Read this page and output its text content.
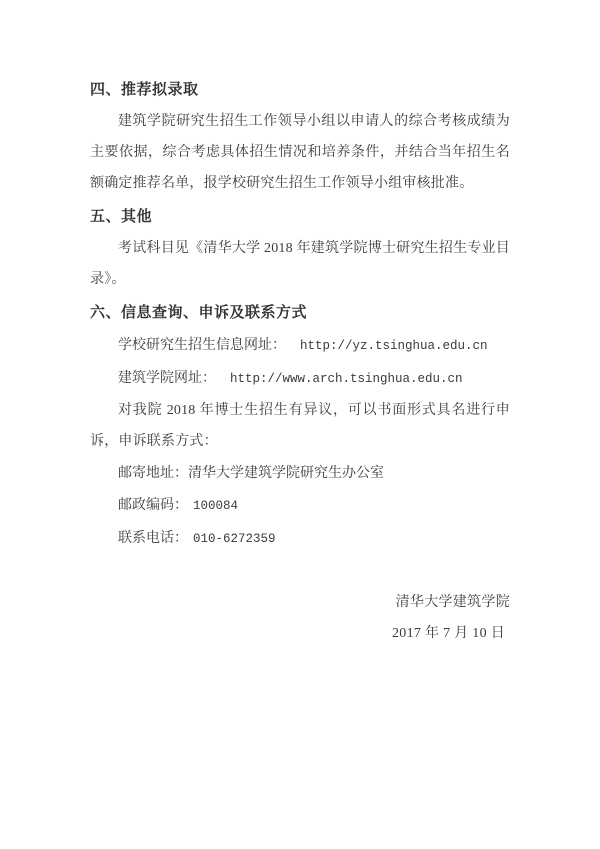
四、推荐拟录取

建筑学院研究生招生工作领导小组以申请人的综合考核成绩为主要依据，综合考虑具体招生情况和培养条件，并结合当年招生名额确定推荐名单，报学校研究生招生工作领导小组审核批准。

五、其他

考试科目见《清华大学 2018 年建筑学院博士研究生招生专业目录》。

六、信息查询、申诉及联系方式

学校研究生招生信息网址： http://yz.tsinghua.edu.cn

建筑学院网址： http://www.arch.tsinghua.edu.cn

对我院 2018 年博士生招生有异议，可以书面形式具名进行申诉，申诉联系方式：

邮寄地址：清华大学建筑学院研究生办公室

邮政编码： 100084

联系电话： 010-6272359

清华大学建筑学院
2017 年 7 月 10 日
